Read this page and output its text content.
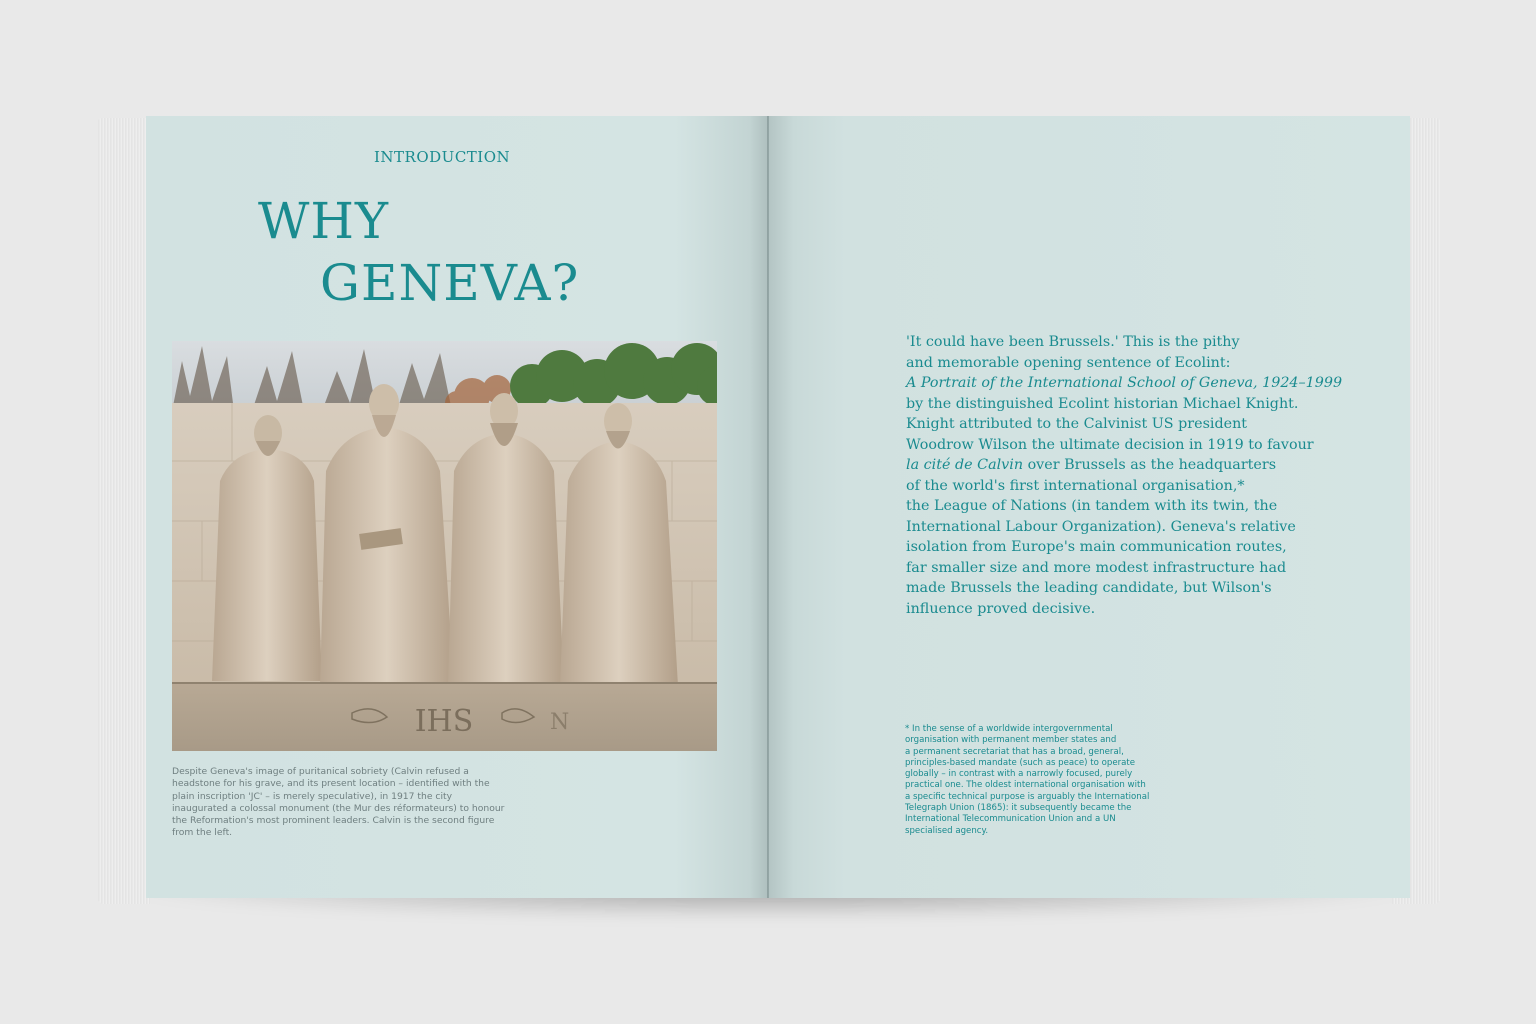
INTRODUCTION
WHY
GENEVA?
IHS	N
Despite Geneva's image of puritanical sobriety (Calvin refused a headstone for his grave, and its present location – identified with the plain inscription 'JC' – is merely speculative), in 1917 the city inaugurated a colossal monument (the Mur des réformateurs) to honour the Reformation's most prominent leaders. Calvin is the second figure from the left.
'It could have been Brussels.' This is the pithy
and memorable opening sentence of Ecolint:
A Portrait of the International School of Geneva, 1924–1999
by the distinguished Ecolint historian Michael Knight.
Knight attributed to the Calvinist US president
Woodrow Wilson the ultimate decision in 1919 to favour
la cité de Calvin over Brussels as the headquarters
of the world's first international organisation,*
the League of Nations (in tandem with its twin, the
International Labour Organization). Geneva's relative
isolation from Europe's main communication routes,
far smaller size and more modest infrastructure had
made Brussels the leading candidate, but Wilson's
influence proved decisive.
* In the sense of a worldwide intergovernmental
organisation with permanent member states and
a permanent secretariat that has a broad, general,
principles-based mandate (such as peace) to operate
globally – in contrast with a narrowly focused, purely
practical one. The oldest international organisation with
a specific technical purpose is arguably the International
Telegraph Union (1865): it subsequently became the
International Telecommunication Union and a UN
specialised agency.
